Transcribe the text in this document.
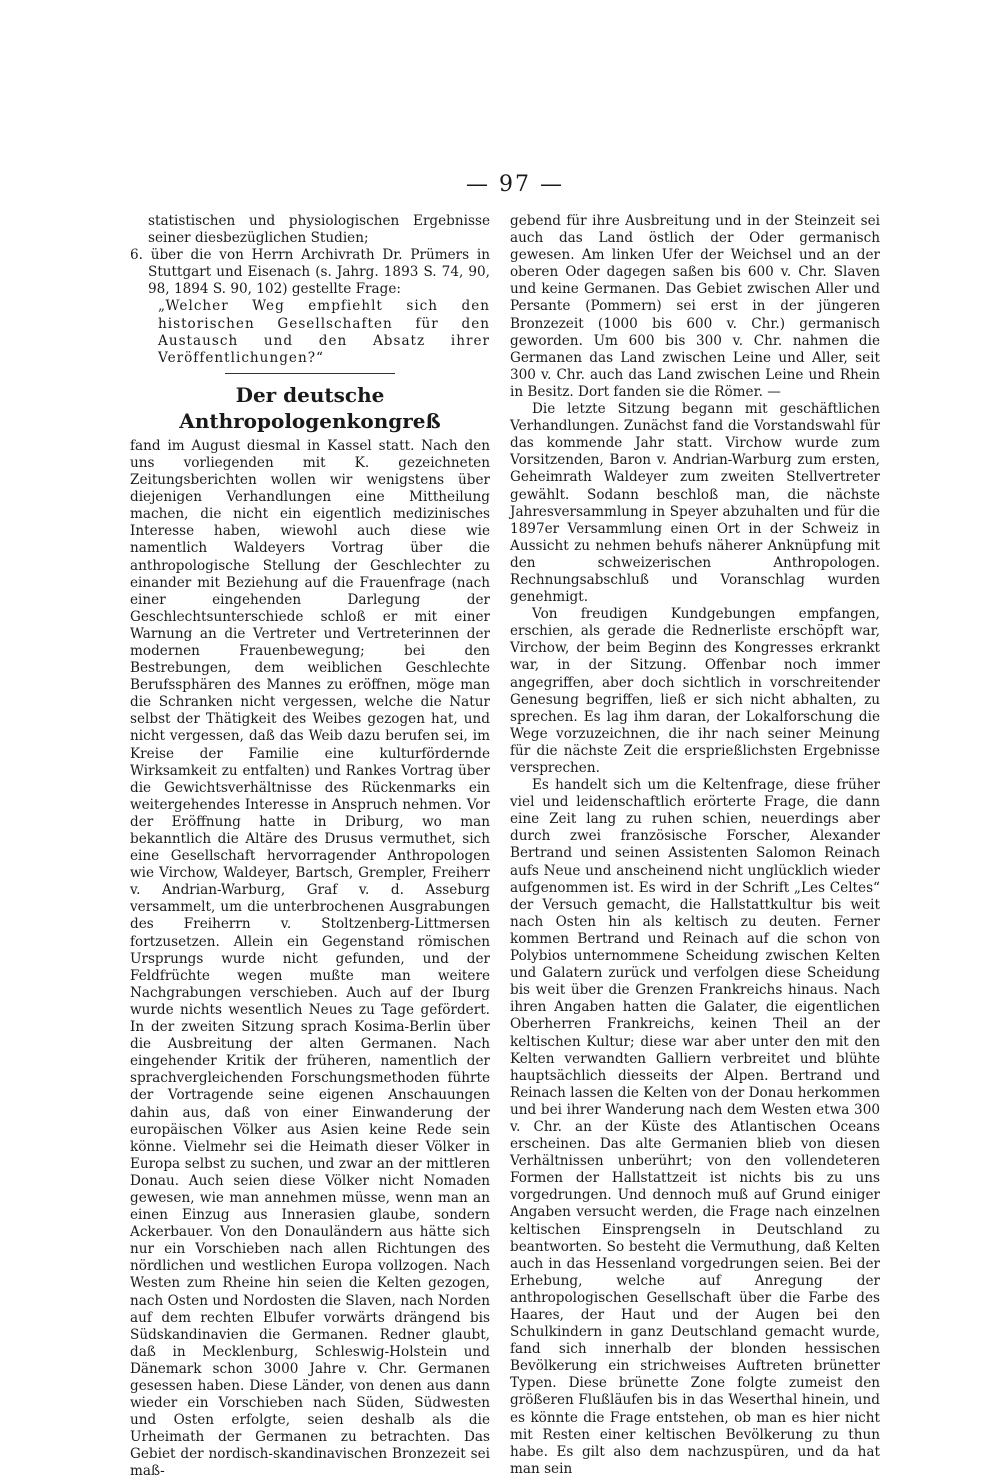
— 97 —

statistischen und physiologischen Ergebnisse seiner diesbezüglichen Studien;

6. über die von Herrn Archivrath Dr. Prümers in Stuttgart und Eisenach (s. Jahrg. 1893 S. 74, 90, 98, 1894 S. 90, 102) gestellte Frage:

„Welcher Weg empfiehlt sich den historischen Gesellschaften für den Austausch und den Absatz ihrer Veröffentlichungen?“

Der deutsche Anthropologenkongreß

fand im August diesmal in Kassel statt. Nach den uns vorliegenden mit K. gezeichneten Zeitungsberichten wollen wir wenigstens über diejenigen Verhandlungen eine Mittheilung machen, die nicht ein eigentlich medizinisches Interesse haben, wiewohl auch diese wie namentlich Waldeyers Vortrag über die anthropologische Stellung der Geschlechter zu einander mit Beziehung auf die Frauenfrage (nach einer eingehenden Darlegung der Geschlechtsunterschiede schloß er mit einer Warnung an die Vertreter und Vertreterinnen der modernen Frauenbewegung; bei den Bestrebungen, dem weiblichen Geschlechte Berufssphären des Mannes zu eröffnen, möge man die Schranken nicht vergessen, welche die Natur selbst der Thätigkeit des Weibes gezogen hat, und nicht vergessen, daß das Weib dazu berufen sei, im Kreise der Familie eine kulturfördernde Wirksamkeit zu entfalten) und Rankes Vortrag über die Gewichtsverhältnisse des Rückenmarks ein weitergehendes Interesse in Anspruch nehmen. Vor der Eröffnung hatte in Driburg, wo man bekanntlich die Altäre des Drusus vermuthet, sich eine Gesellschaft hervorragender Anthropologen wie Virchow, Waldeyer, Bartsch, Grempler, Freiherr v. Andrian-Warburg, Graf v. d. Asseburg versammelt, um die unterbrochenen Ausgrabungen des Freiherrn v. Stoltzenberg-Littmersen fortzusetzen. Allein ein Gegenstand römischen Ursprungs wurde nicht gefunden, und der Feldfrüchte wegen mußte man weitere Nachgrabungen verschieben. Auch auf der Iburg wurde nichts wesentlich Neues zu Tage gefördert. In der zweiten Sitzung sprach Kosima-Berlin über die Ausbreitung der alten Germanen. Nach eingehender Kritik der früheren, namentlich der sprachvergleichenden Forschungsmethoden führte der Vortragende seine eigenen Anschauungen dahin aus, daß von einer Einwanderung der europäischen Völker aus Asien keine Rede sein könne. Vielmehr sei die Heimath dieser Völker in Europa selbst zu suchen, und zwar an der mittleren Donau. Auch seien diese Völker nicht Nomaden gewesen, wie man annehmen müsse, wenn man an einen Einzug aus Innerasien glaube, sondern Ackerbauer. Von den Donauländern aus hätte sich nur ein Vorschieben nach allen Richtungen des nördlichen und westlichen Europa vollzogen. Nach Westen zum Rheine hin seien die Kelten gezogen, nach Osten und Nordosten die Slaven, nach Norden auf dem rechten Elbufer vorwärts drängend bis Südskandinavien die Germanen. Redner glaubt, daß in Mecklenburg, Schleswig-Holstein und Dänemark schon 3000 Jahre v. Chr. Germanen gesessen haben. Diese Länder, von denen aus dann wieder ein Vorschieben nach Süden, Südwesten und Osten erfolgte, seien deshalb als die Urheimath der Germanen zu betrachten. Das Gebiet der nordisch-skandinavischen Bronzezeit sei maß-

gebend für ihre Ausbreitung und in der Steinzeit sei auch das Land östlich der Oder germanisch gewesen. Am linken Ufer der Weichsel und an der oberen Oder dagegen saßen bis 600 v. Chr. Slaven und keine Germanen. Das Gebiet zwischen Aller und Persante (Pommern) sei erst in der jüngeren Bronzezeit (1000 bis 600 v. Chr.) germanisch geworden. Um 600 bis 300 v. Chr. nahmen die Germanen das Land zwischen Leine und Aller, seit 300 v. Chr. auch das Land zwischen Leine und Rhein in Besitz. Dort fanden sie die Römer. —

Die letzte Sitzung begann mit geschäftlichen Verhandlungen. Zunächst fand die Vorstandswahl für das kommende Jahr statt. Virchow wurde zum Vorsitzenden, Baron v. Andrian-Warburg zum ersten, Geheimrath Waldeyer zum zweiten Stellvertreter gewählt. Sodann beschloß man, die nächste Jahresversammlung in Speyer abzuhalten und für die 1897er Versammlung einen Ort in der Schweiz in Aussicht zu nehmen behufs näherer Anknüpfung mit den schweizerischen Anthropologen. Rechnungsabschluß und Voranschlag wurden genehmigt.

Von freudigen Kundgebungen empfangen, erschien, als gerade die Rednerliste erschöpft war, Virchow, der beim Beginn des Kongresses erkrankt war, in der Sitzung. Offenbar noch immer angegriffen, aber doch sichtlich in vorschreitender Genesung begriffen, ließ er sich nicht abhalten, zu sprechen. Es lag ihm daran, der Lokalforschung die Wege vorzuzeichnen, die ihr nach seiner Meinung für die nächste Zeit die ersprießlichsten Ergebnisse versprechen.

Es handelt sich um die Keltenfrage, diese früher viel und leidenschaftlich erörterte Frage, die dann eine Zeit lang zu ruhen schien, neuerdings aber durch zwei französische Forscher, Alexander Bertrand und seinen Assistenten Salomon Reinach aufs Neue und anscheinend nicht unglücklich wieder aufgenommen ist. Es wird in der Schrift „Les Celtes“ der Versuch gemacht, die Hallstattkultur bis weit nach Osten hin als keltisch zu deuten. Ferner kommen Bertrand und Reinach auf die schon von Polybios unternommene Scheidung zwischen Kelten und Galatern zurück und verfolgen diese Scheidung bis weit über die Grenzen Frankreichs hinaus. Nach ihren Angaben hatten die Galater, die eigentlichen Oberherren Frankreichs, keinen Theil an der keltischen Kultur; diese war aber unter den mit den Kelten verwandten Galliern verbreitet und blühte hauptsächlich diesseits der Alpen. Bertrand und Reinach lassen die Kelten von der Donau herkommen und bei ihrer Wanderung nach dem Westen etwa 300 v. Chr. an der Küste des Atlantischen Oceans erscheinen. Das alte Germanien blieb von diesen Verhältnissen unberührt; von den vollendeteren Formen der Hallstattzeit ist nichts bis zu uns vorgedrungen. Und dennoch muß auf Grund einiger Angaben versucht werden, die Frage nach einzelnen keltischen Einsprengseln in Deutschland zu beantworten. So besteht die Vermuthung, daß Kelten auch in das Hessenland vorgedrungen seien. Bei der Erhebung, welche auf Anregung der anthropologischen Gesellschaft über die Farbe des Haares, der Haut und der Augen bei den Schulkindern in ganz Deutschland gemacht wurde, fand sich innerhalb der blonden hessischen Bevölkerung ein strichweises Auftreten brünetter Typen. Diese brünette Zone folgte zumeist den größeren Flußläufen bis in das Weserthal hinein, und es könnte die Frage entstehen, ob man es hier nicht mit Resten einer keltischen Bevölkerung zu thun habe. Es gilt also dem nachzuspüren, und da hat man sein
